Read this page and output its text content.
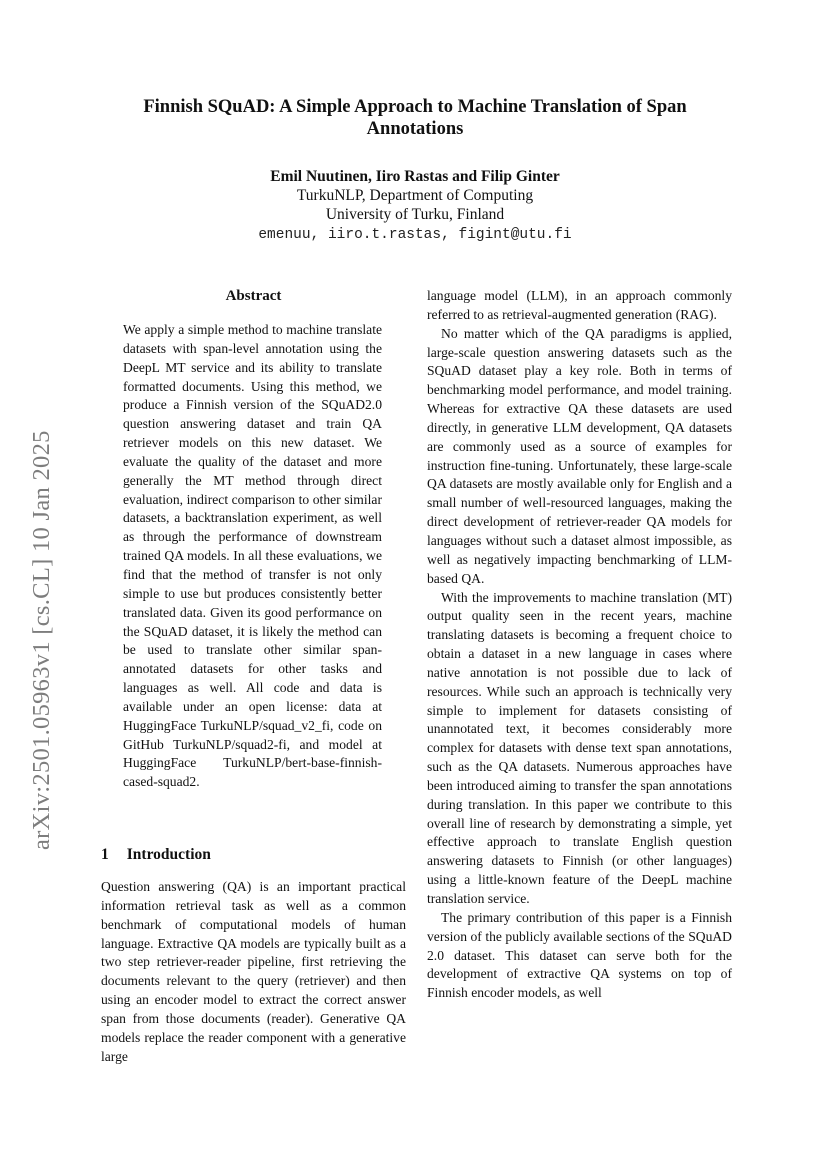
Finnish SQuAD: A Simple Approach to Machine Translation of Span Annotations
Emil Nuutinen, Iiro Rastas and Filip Ginter
TurkuNLP, Department of Computing
University of Turku, Finland
emenuu, iiro.t.rastas, figint@utu.fi
arXiv:2501.05963v1 [cs.CL] 10 Jan 2025
Abstract

We apply a simple method to machine translate datasets with span-level annotation using the DeepL MT service and its ability to translate formatted documents. Using this method, we produce a Finnish version of the SQuAD2.0 question answering dataset and train QA retriever models on this new dataset. We evaluate the quality of the dataset and more generally the MT method through direct evaluation, indirect comparison to other similar datasets, a backtranslation experiment, as well as through the performance of downstream trained QA models. In all these evaluations, we find that the method of transfer is not only simple to use but produces consistently better translated data. Given its good performance on the SQuAD dataset, it is likely the method can be used to translate other similar span-annotated datasets for other tasks and languages as well. All code and data is available under an open license: data at HuggingFace TurkuNLP/squad_v2_fi, code on GitHub TurkuNLP/squad2-fi, and model at HuggingFace TurkuNLP/bert-base-finnish-cased-squad2.

1 Introduction

Question answering (QA) is an important practical information retrieval task as well as a common benchmark of computational models of human language. Extractive QA models are typically built as a two step retriever-reader pipeline, first retrieving the documents relevant to the query (retriever) and then using an encoder model to extract the correct answer span from those documents (reader). Generative QA models replace the reader component with a generative large

language model (LLM), in an approach commonly referred to as retrieval-augmented generation (RAG).

No matter which of the QA paradigms is applied, large-scale question answering datasets such as the SQuAD dataset play a key role. Both in terms of benchmarking model performance, and model training. Whereas for extractive QA these datasets are used directly, in generative LLM development, QA datasets are commonly used as a source of examples for instruction fine-tuning. Unfortunately, these large-scale QA datasets are mostly available only for English and a small number of well-resourced languages, making the direct development of retriever-reader QA models for languages without such a dataset almost impossible, as well as negatively impacting benchmarking of LLM-based QA.

With the improvements to machine translation (MT) output quality seen in the recent years, machine translating datasets is becoming a frequent choice to obtain a dataset in a new language in cases where native annotation is not possible due to lack of resources. While such an approach is technically very simple to implement for datasets consisting of unannotated text, it becomes considerably more complex for datasets with dense text span annotations, such as the QA datasets. Numerous approaches have been introduced aiming to transfer the span annotations during translation. In this paper we contribute to this overall line of research by demonstrating a simple, yet effective approach to translate English question answering datasets to Finnish (or other languages) using a little-known feature of the DeepL machine translation service.

The primary contribution of this paper is a Finnish version of the publicly available sections of the SQuAD 2.0 dataset. This dataset can serve both for the development of extractive QA systems on top of Finnish encoder models, as well
